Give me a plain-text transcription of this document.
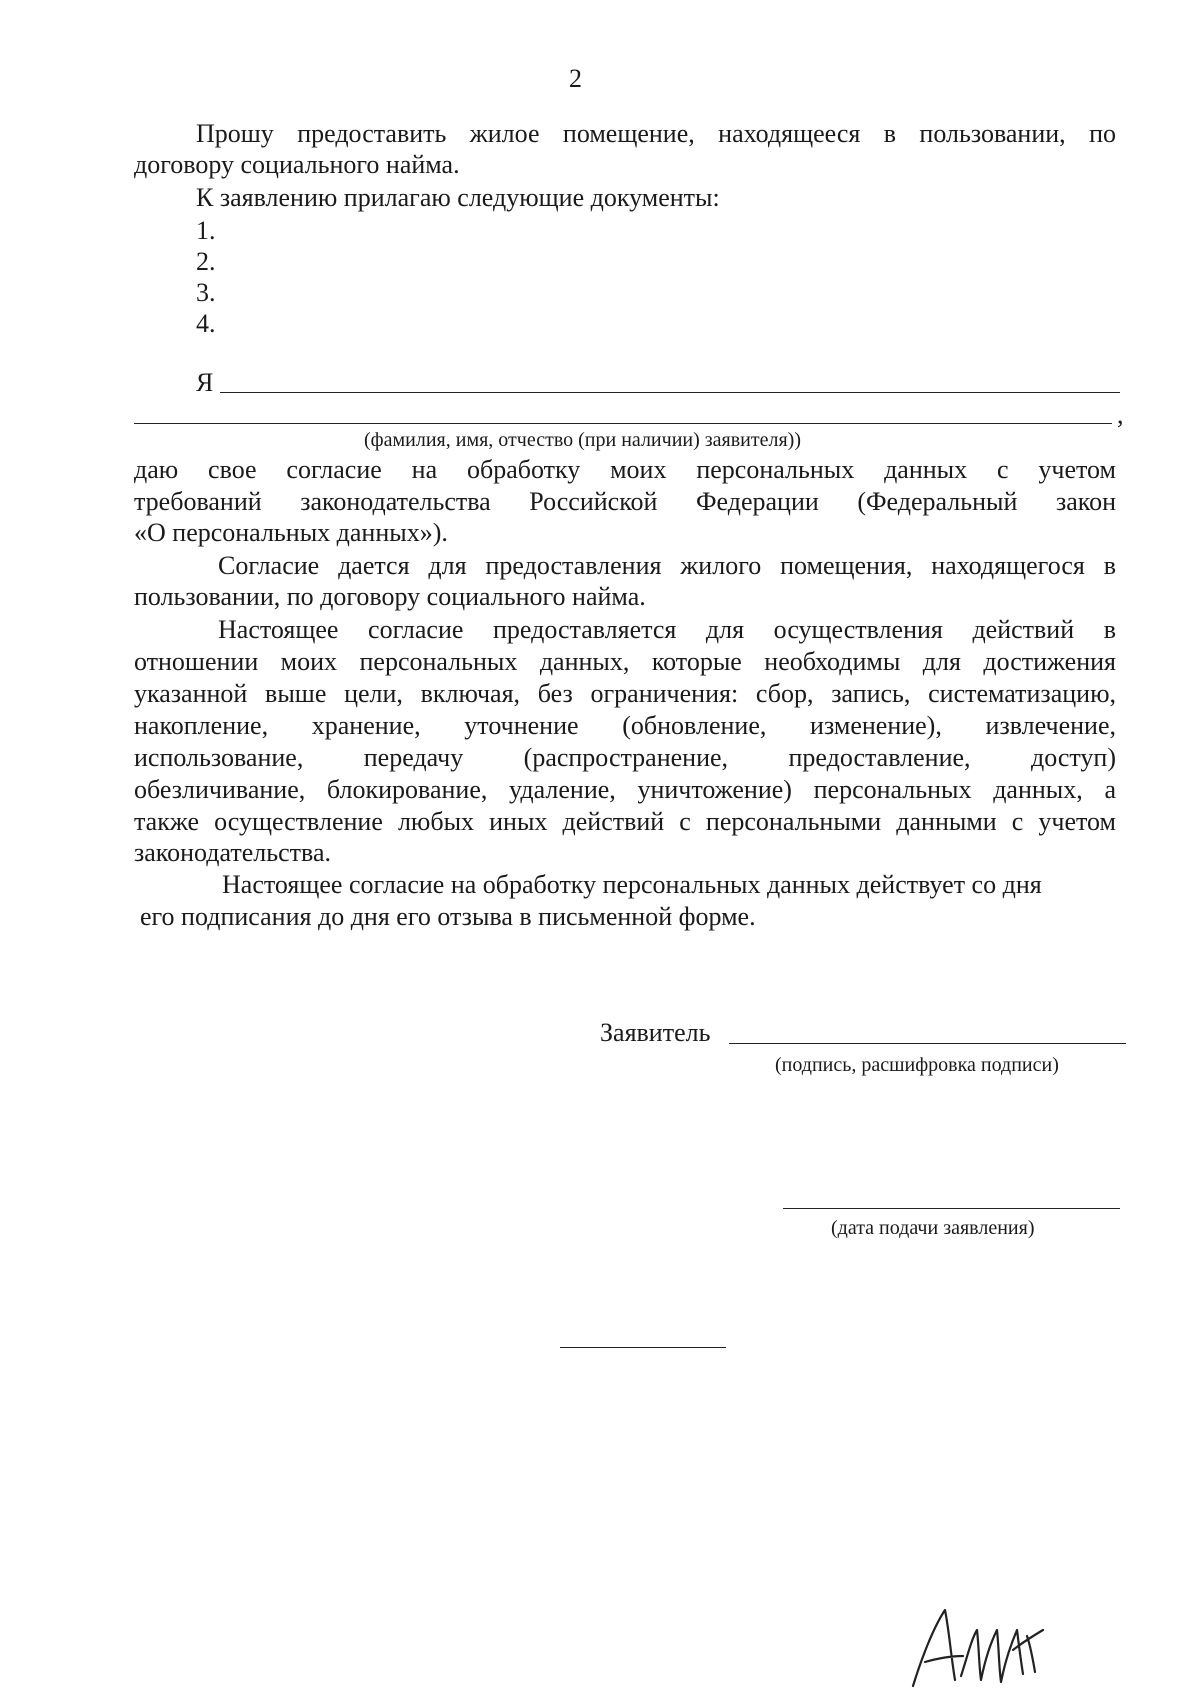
2
Прошу предоставить жилое помещение, находящееся в пользовании, по
договору социального найма.
К заявлению прилагаю следующие документы:
1.
2.
3.
4.
Я
,
(фамилия, имя, отчество (при наличии) заявителя))
даю свое согласие на обработку моих персональных данных с учетом
требований законодательства Российской Федерации (Федеральный закон
«О персональных данных»).
Согласие дается для предоставления жилого помещения, находящегося в
пользовании, по договору социального найма.
Настоящее согласие предоставляется для осуществления действий в
отношении моих персональных данных, которые необходимы для достижения
указанной выше цели, включая, без ограничения: сбор, запись, систематизацию,
накопление, хранение, уточнение (обновление, изменение), извлечение,
использование, передачу (распространение, предоставление, доступ)
обезличивание, блокирование, удаление, уничтожение) персональных данных, а
также осуществление любых иных действий с персональными данными с учетом
законодательства.
Настоящее согласие на обработку персональных данных действует со дня
его подписания до дня его отзыва в письменной форме.
Заявитель
(подпись, расшифровка подписи)
(дата подачи заявления)
